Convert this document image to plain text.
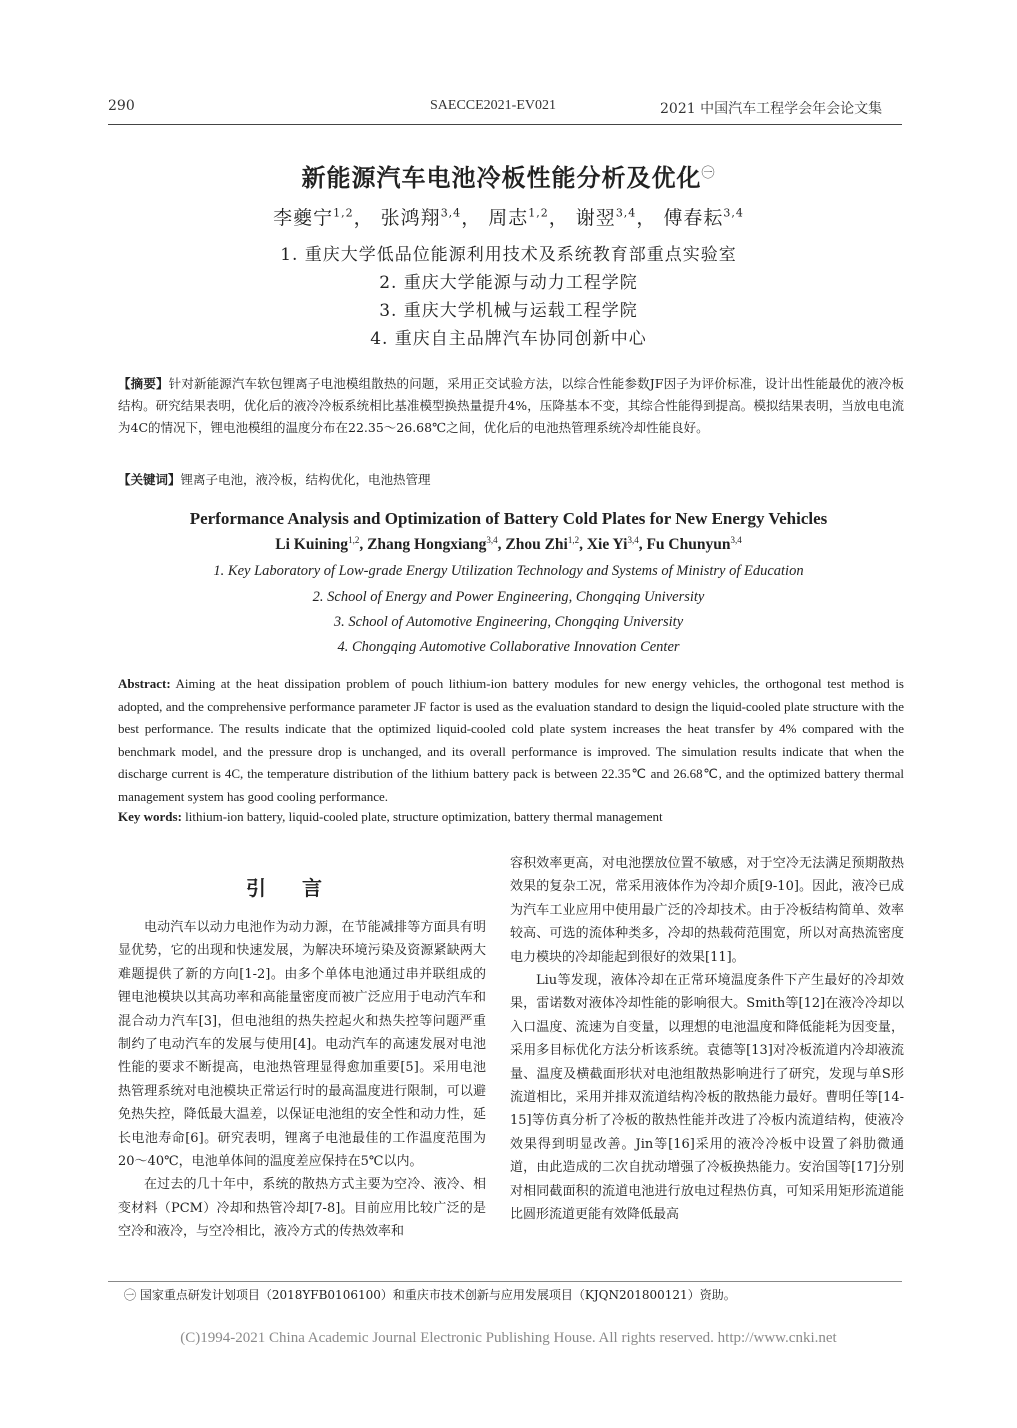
290	SAECCE2021-EV021	2021 中国汽车工程学会年会论文集
新能源汽车电池冷板性能分析及优化$^㊀$
李夔宁$^{1,2}$， 张鸿翔$^{3,4}$， 周志$^{1,2}$， 谢翌$^{3,4}$， 傅春耘$^{3,4}$
1. 重庆大学低品位能源利用技术及系统教育部重点实验室
2. 重庆大学能源与动力工程学院
3. 重庆大学机械与运载工程学院
4. 重庆自主品牌汽车协同创新中心
【摘要】针对新能源汽车软包锂离子电池模组散热的问题，采用正交试验方法，以综合性能参数JF因子为评价标准，设计出性能最优的液冷板结构。研究结果表明，优化后的液冷冷板系统相比基准模型换热量提升4%，压降基本不变，其综合性能得到提高。模拟结果表明，当放电电流为4C的情况下，锂电池模组的温度分布在22.35～26.68℃之间，优化后的电池热管理系统冷却性能良好。
【关键词】锂离子电池，液冷板，结构优化，电池热管理
Performance Analysis and Optimization of Battery Cold Plates for New Energy Vehicles
Li Kuining$^{1,2}$, Zhang Hongxiang$^{3,4}$, Zhou Zhi$^{1,2}$, Xie Yi$^{3,4}$, Fu Chunyun$^{3,4}$
1. Key Laboratory of Low-grade Energy Utilization Technology and Systems of Ministry of Education
2. School of Energy and Power Engineering, Chongqing University
3. School of Automotive Engineering, Chongqing University
4. Chongqing Automotive Collaborative Innovation Center
Abstract: Aiming at the heat dissipation problem of pouch lithium-ion battery modules for new energy vehicles, the orthogonal test method is adopted, and the comprehensive performance parameter JF factor is used as the evaluation standard to design the liquid-cooled plate structure with the best performance. The results indicate that the optimized liquid-cooled cold plate system increases the heat transfer by 4% compared with the benchmark model, and the pressure drop is unchanged, and its overall performance is improved. The simulation results indicate that when the discharge current is 4C, the temperature distribution of the lithium battery pack is between 22.35℃ and 26.68℃, and the optimized battery thermal management system has good cooling performance.
Key words: lithium-ion battery, liquid-cooled plate, structure optimization, battery thermal management
引言

电动汽车以动力电池作为动力源，在节能减排等方面具有明显优势，它的出现和快速发展，为解决环境污染及资源紧缺两大难题提供了新的方向[1-2]。由多个单体电池通过串并联组成的锂电池模块以其高功率和高能量密度而被广泛应用于电动汽车和混合动力汽车[3]，但电池组的热失控起火和热失控等问题严重制约了电动汽车的发展与使用[4]。电动汽车的高速发展对电池性能的要求不断提高，电池热管理显得愈加重要[5]。采用电池热管理系统对电池模块正常运行时的最高温度进行限制，可以避免热失控，降低最大温差，以保证电池组的安全性和动力性，延长电池寿命[6]。研究表明，锂离子电池最佳的工作温度范围为20～40℃，电池单体间的温度差应保持在5℃以内。

在过去的几十年中，系统的散热方式主要为空冷、液冷、相变材料（PCM）冷却和热管冷却[7-8]。目前应用比较广泛的是空冷和液冷，与空冷相比，液冷方式的传热效率和

容积效率更高，对电池摆放位置不敏感，对于空冷无法满足预期散热效果的复杂工况，常采用液体作为冷却介质[9-10]。因此，液冷已成为汽车工业应用中使用最广泛的冷却技术。由于冷板结构简单、效率较高、可选的流体种类多，冷却的热载荷范围宽，所以对高热流密度电力模块的冷却能起到很好的效果[11]。

Liu等发现，液体冷却在正常环境温度条件下产生最好的冷却效果，雷诺数对液体冷却性能的影响很大。Smith等[12]在液冷冷却以入口温度、流速为自变量，以理想的电池温度和降低能耗为因变量，采用多目标优化方法分析该系统。袁德等[13]对冷板流道内冷却液流量、温度及横截面形状对电池组散热影响进行了研究，发现与单S形流道相比，采用并排双流道结构冷板的散热能力最好。曹明任等[14-15]等仿真分析了冷板的散热性能并改进了冷板内流道结构，使液冷效果得到明显改善。Jin等[16]采用的液冷冷板中设置了斜肋微通道，由此造成的二次自扰动增强了冷板换热能力。安治国等[17]分别对相同截面积的流道电池进行放电过程热仿真，可知采用矩形流道能比圆形流道更能有效降低最高

㊀ 国家重点研发计划项目（2018YFB0106100）和重庆市技术创新与应用发展项目（KJQN201800121）资助。
(C)1994-2021 China Academic Journal Electronic Publishing House. All rights reserved. http://www.cnki.net
